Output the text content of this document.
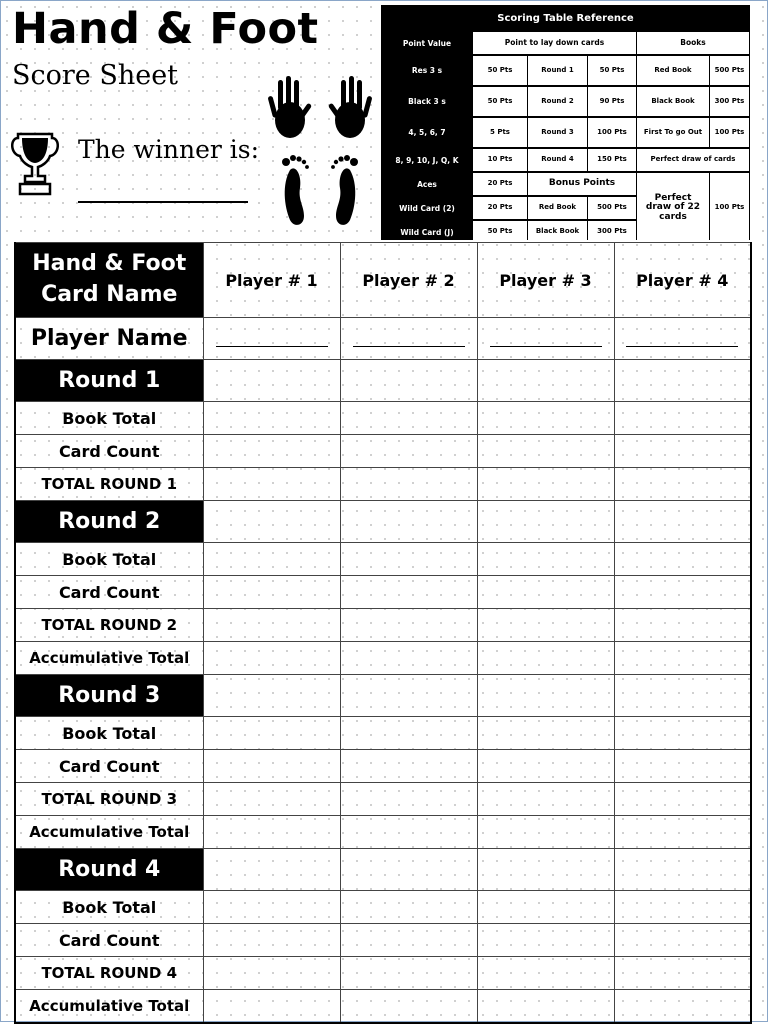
Hand & Foot
Score Sheet
The winner is:
Scoring Table Reference
Point Value	Point to lay down cards	Books
Res 3 s	50 Pts	Round 1	50 Pts	Red Book	500 Pts
Black 3 s	50 Pts	Round 2	90 Pts	Black Book	300 Pts
4, 5, 6, 7	5 Pts	Round 3	100 Pts	First To go Out	100 Pts
8, 9, 10, J, Q, K	10 Pts	Round 4	150 Pts	Perfect draw of cards
Aces	20 Pts	Bonus Points
Wild Card (2)	20 Pts	Red Book	500 Pts
Wild Card (J)	50 Pts	Black Book	300 Pts
Perfect draw of 22 cards
100 Pts
Hand & Foot Card Name	Player # 1	Player # 2	Player # 3	Player # 4
Player Name	

Round 1				
Book Total				
Card Count				
TOTAL ROUND 1				
Round 2				
Book Total				
Card Count				
TOTAL ROUND 2				
Accumulative Total				
Round 3				
Book Total				
Card Count				
TOTAL ROUND 3				
Accumulative Total				
Round 4				
Book Total				
Card Count				
TOTAL ROUND 4				
Accumulative Total				
